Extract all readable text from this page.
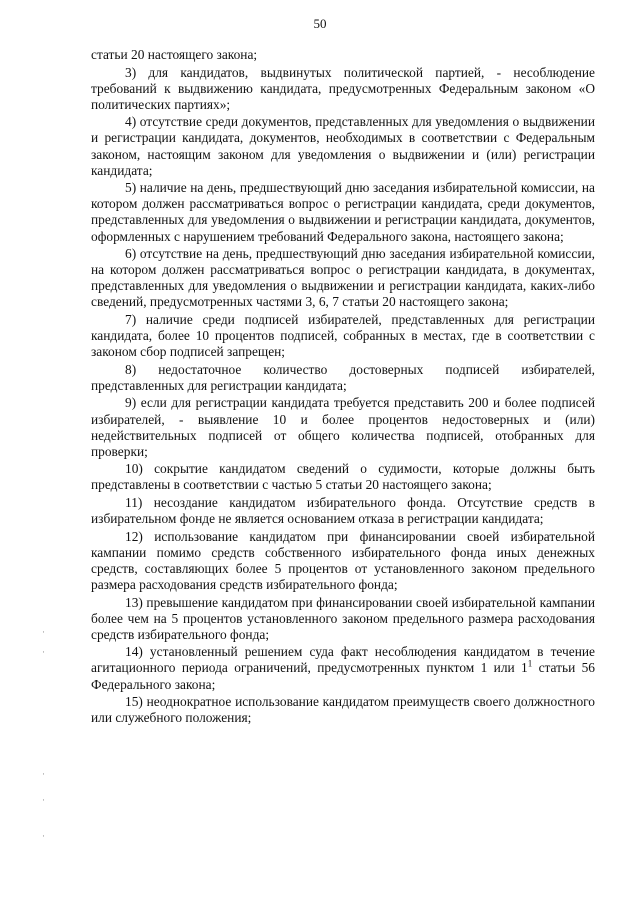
50
·
·
·
·
·

статьи 20 настоящего закона;

3) для кандидатов, выдвинутых политической партией, - несоблюдение требований к выдвижению кандидата, предусмотренных Федеральным законом «О политических партиях»;

4) отсутствие среди документов, представленных для уведомления о выдвижении и регистрации кандидата, документов, необходимых в соответствии с Федеральным законом, настоящим законом для уведомления о выдвижении и (или) регистрации кандидата;

5) наличие на день, предшествующий дню заседания избирательной комиссии, на котором должен рассматриваться вопрос о регистрации кандидата, среди документов, представленных для уведомления о выдвижении и регистрации кандидата, документов, оформленных с нарушением требований Федерального закона, настоящего закона;

6) отсутствие на день, предшествующий дню заседания избирательной комиссии, на котором должен рассматриваться вопрос о регистрации кандидата, в документах, представленных для уведомления о выдвижении и регистрации кандидата, каких-либо сведений, предусмотренных частями 3, 6, 7 статьи 20 настоящего закона;

7) наличие среди подписей избирателей, представленных для регистрации кандидата, более 10 процентов подписей, собранных в местах, где в соответствии с законом сбор подписей запрещен;

8) недостаточное количество достоверных подписей избирателей, представленных для регистрации кандидата;

9) если для регистрации кандидата требуется представить 200 и более подписей избирателей, - выявление 10 и более процентов недостоверных и (или) недействительных подписей от общего количества подписей, отобранных для проверки;

10) сокрытие кандидатом сведений о судимости, которые должны быть представлены в соответствии с частью 5 статьи 20 настоящего закона;

11) несоздание кандидатом избирательного фонда. Отсутствие средств в избирательном фонде не является основанием отказа в регистрации кандидата;

12) использование кандидатом при финансировании своей избирательной кампании помимо средств собственного избирательного фонда иных денежных средств, составляющих более 5 процентов от установленного законом предельного размера расходования средств избирательного фонда;

13) превышение кандидатом при финансировании своей избирательной кампании более чем на 5 процентов установленного законом предельного размера расходования средств избирательного фонда;

14) установленный решением суда факт несоблюдения кандидатом в течение агитационного периода ограничений, предусмотренных пунктом 1 или $1^1$ статьи 56 Федерального закона;

15) неоднократное использование кандидатом преимуществ своего должностного или служебного положения;
